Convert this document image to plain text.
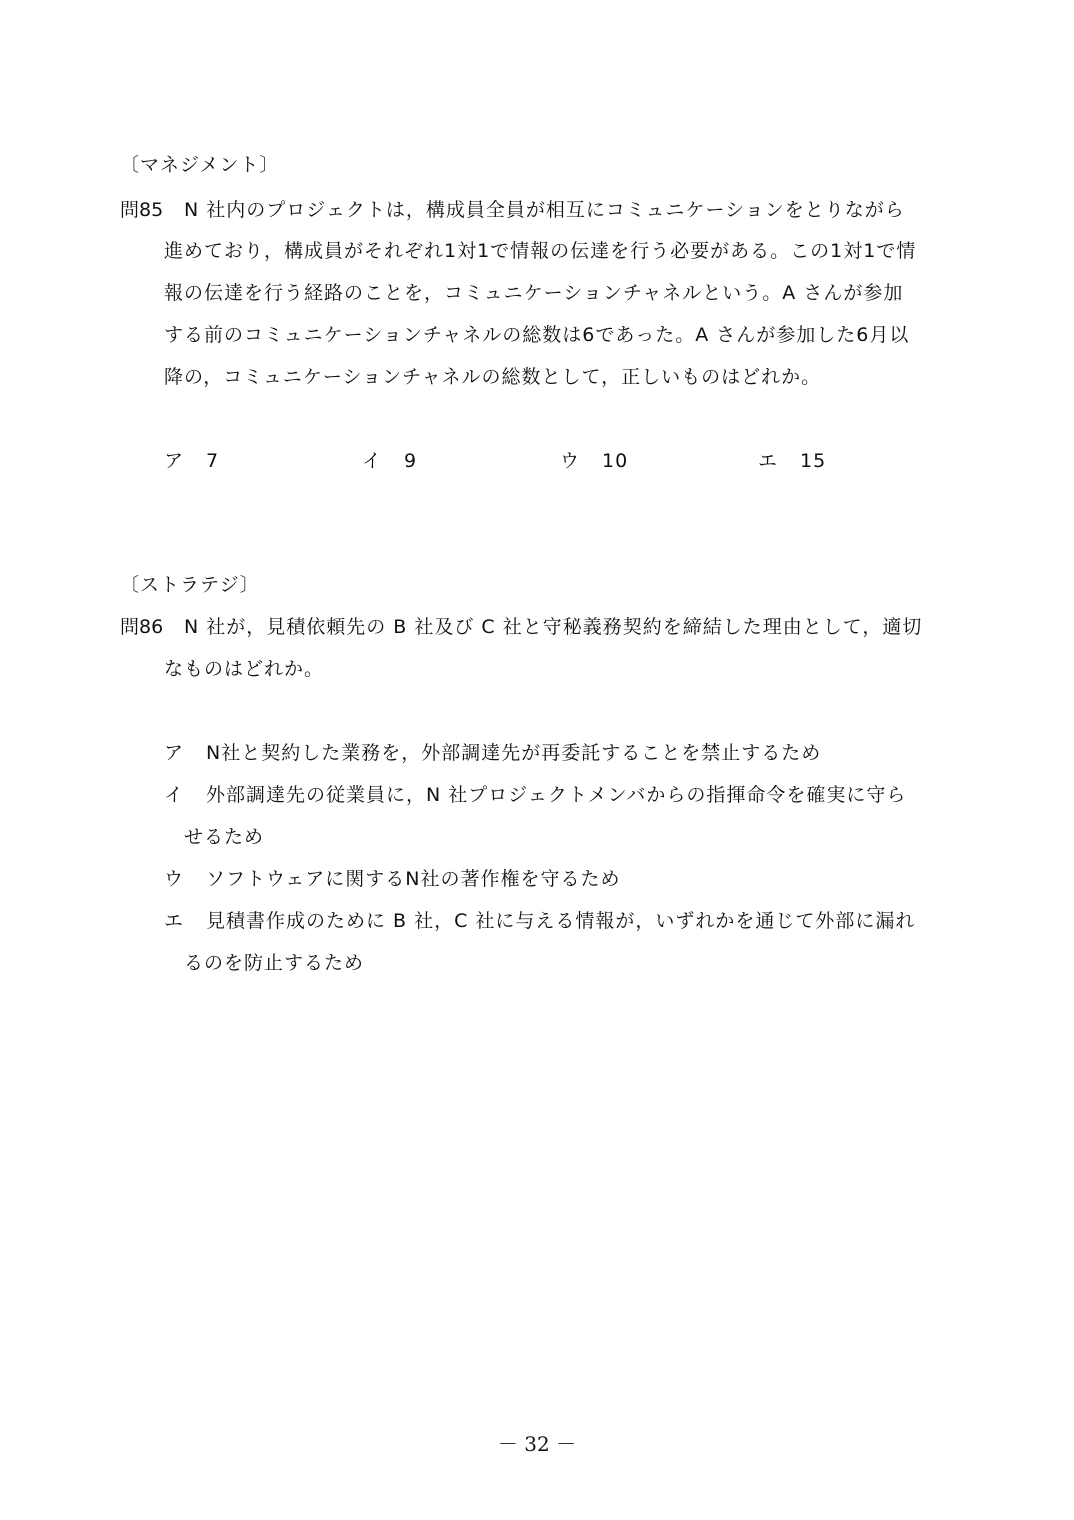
〔マネジメント〕
問85 N 社内のプロジェクトは，構成員全員が相互にコミュニケーションをとりながら
進めており，構成員がそれぞれ1対1で情報の伝達を行う必要がある。この1対1で情
報の伝達を行う経路のことを，コミュニケーションチャネルという。A さんが参加
する前のコミュニケーションチャネルの総数は6であった。A さんが参加した6月以
降の，コミュニケーションチャネルの総数として，正しいものはどれか。
ア 7	イ 9	ウ 10	エ 15
〔ストラテジ〕
問86 N 社が，見積依頼先の B 社及び C 社と守秘義務契約を締結した理由として，適切
なものはどれか。
ア N社と契約した業務を，外部調達先が再委託することを禁止するため
イ 外部調達先の従業員に，N 社プロジェクトメンバからの指揮命令を確実に守ら
せるため
ウ ソフトウェアに関するN社の著作権を守るため
エ 見積書作成のために B 社，C 社に与える情報が，いずれかを通じて外部に漏れ
るのを防止するため
－ 32 －
